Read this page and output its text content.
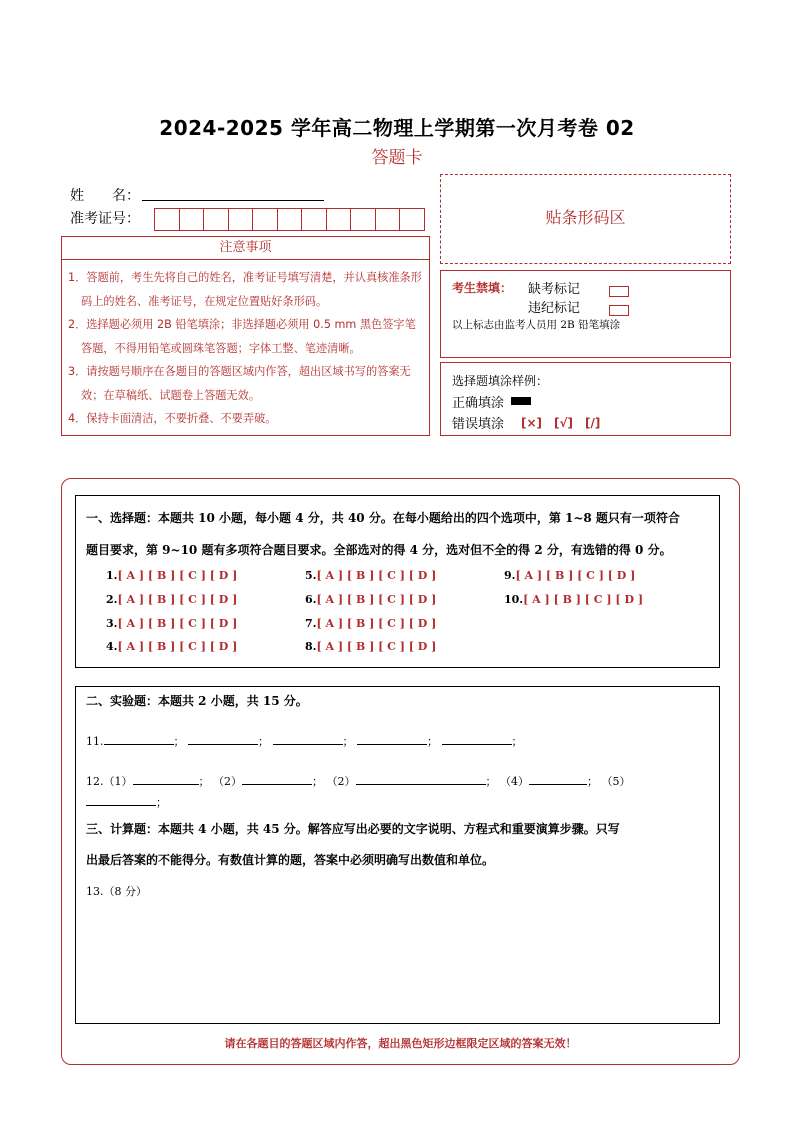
2024-2025 学年高二物理上学期第一次月考卷 02
答题卡
姓　　名：
准考证号：
注意事项
1．答题前，考生先将自己的姓名，准考证号填写清楚，并认真核准条形码上的姓名、准考证号，在规定位置贴好条形码。
2．选择题必须用 2B 铅笔填涂；非选择题必须用 0.5 mm 黑色签字笔答题，不得用铅笔或圆珠笔答题；字体工整、笔迹清晰。
3．请按题号顺序在各题目的答题区域内作答，超出区域书写的答案无效；在草稿纸、试题卷上答题无效。
4．保持卡面清洁，不要折叠、不要弄破。
贴条形码区
考生禁填： 缺考标记
违纪标记
以上标志由监考人员用 2B 铅笔填涂
选择题填涂样例：
正确填涂
错误填涂 [×]　[√]　[/]
一、选择题：本题共 10 小题，每小题 4 分，共 40 分。在每小题给出的四个选项中，第 1~8 题只有一项符合
题目要求，第 9~10 题有多项符合题目要求。全部选对的得 4 分，选对但不全的得 2 分，有选错的得 0 分。
1.[ A ] [ B ] [ C ] [ D ]
2.[ A ] [ B ] [ C ] [ D ]
3.[ A ] [ B ] [ C ] [ D ]
4.[ A ] [ B ] [ C ] [ D ]
5.[ A ] [ B ] [ C ] [ D ]
6.[ A ] [ B ] [ C ] [ D ]
7.[ A ] [ B ] [ C ] [ D ]
8.[ A ] [ B ] [ C ] [ D ]
9.[ A ] [ B ] [ C ] [ D ]
10.[ A ] [ B ] [ C ] [ D ]
二、实验题：本题共 2 小题，共 15 分。
11.	；	；	；	；	；
12.（1）	； （2）	； （2）	； （4）	； （5）
；
三、计算题：本题共 4 小题，共 45 分。解答应写出必要的文字说明、方程式和重要演算步骤。只写
出最后答案的不能得分。有数值计算的题，答案中必须明确写出数值和单位。
13.（8 分）
请在各题目的答题区域内作答，超出黑色矩形边框限定区域的答案无效！
